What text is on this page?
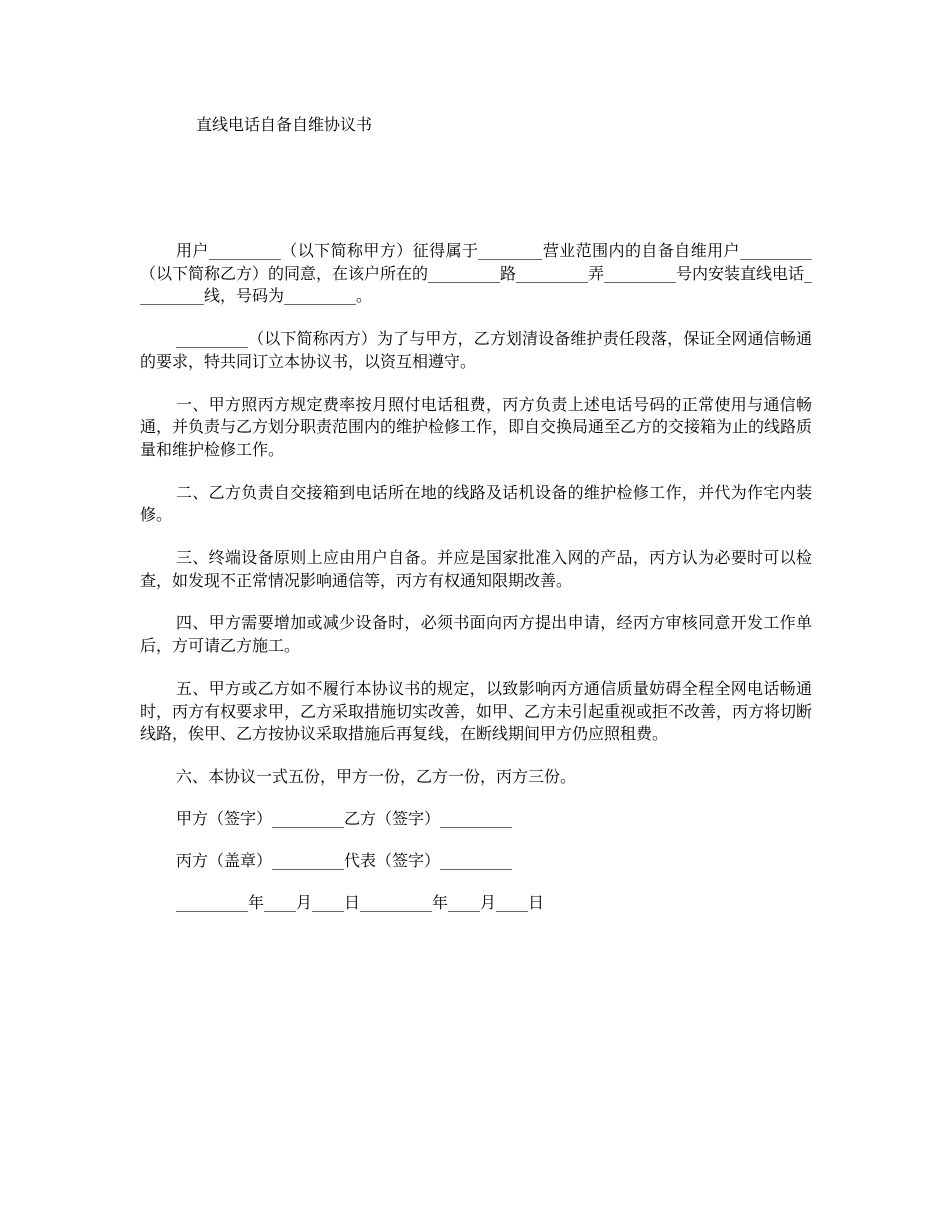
直线电话自备自维协议书

用户_________（以下简称甲方）征得属于________营业范围内的自备自维用户_________（以下简称乙方）的同意，在该户所在的_________路_________弄_________号内安装直线电话_________线，号码为_________。

_________（以下简称丙方）为了与甲方，乙方划清设备维护责任段落，保证全网通信畅通的要求，特共同订立本协议书，以资互相遵守。

一、甲方照丙方规定费率按月照付电话租费，丙方负责上述电话号码的正常使用与通信畅通，并负责与乙方划分职责范围内的维护检修工作，即自交换局通至乙方的交接箱为止的线路质量和维护检修工作。

二、乙方负责自交接箱到电话所在地的线路及话机设备的维护检修工作，并代为作宅内装修。

三、终端设备原则上应由用户自备。并应是国家批准入网的产品，丙方认为必要时可以检查，如发现不正常情况影响通信等，丙方有权通知限期改善。

四、甲方需要增加或减少设备时，必须书面向丙方提出申请，经丙方审核同意开发工作单后，方可请乙方施工。

五、甲方或乙方如不履行本协议书的规定，以致影响丙方通信质量妨碍全程全网电话畅通时，丙方有权要求甲，乙方采取措施切实改善，如甲、乙方未引起重视或拒不改善，丙方将切断线路，俟甲、乙方按协议采取措施后再复线，在断线期间甲方仍应照租费。

六、本协议一式五份，甲方一份，乙方一份，丙方三份。

甲方（签字）_________乙方（签字）_________
丙方（盖章）_________代表（签字）_________
_________年____月____日_________年____月____日
